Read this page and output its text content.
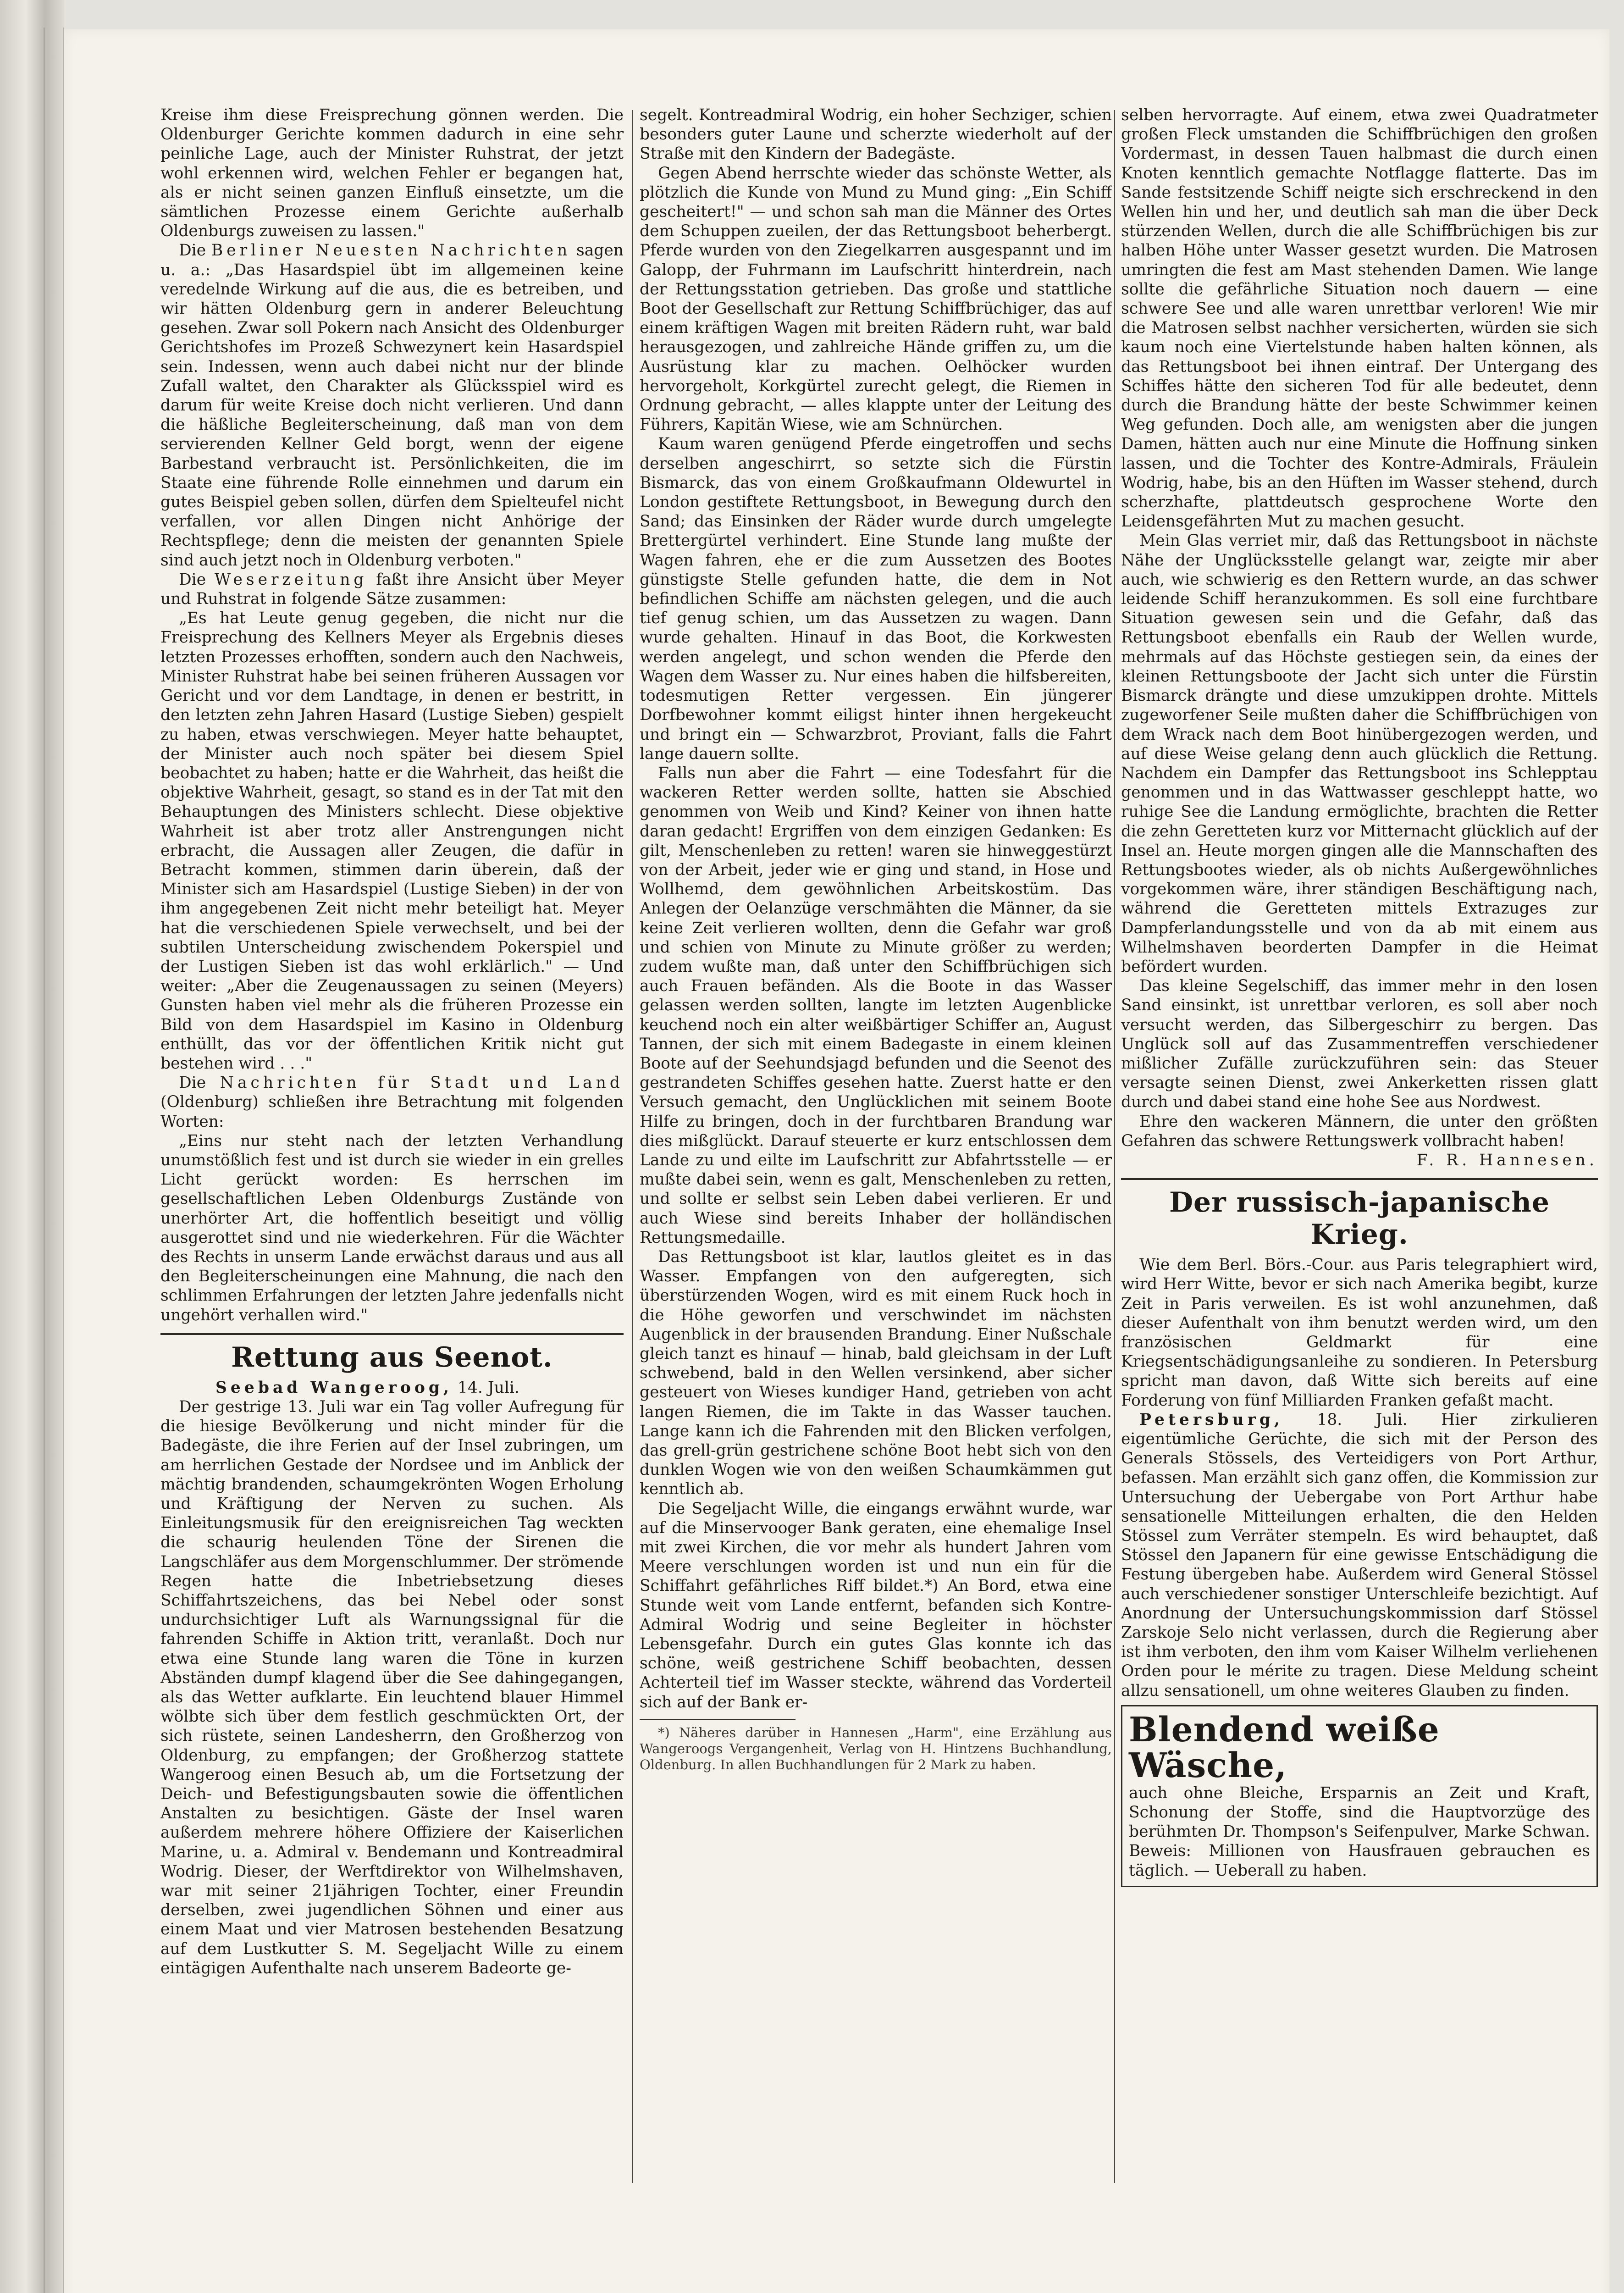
Kreise ihm diese Freisprechung gönnen werden. Die Oldenburger Gerichte kommen dadurch in eine sehr peinliche Lage, auch der Minister Ruhstrat, der jetzt wohl erkennen wird, welchen Fehler er begangen hat, als er nicht seinen ganzen Einfluß einsetzte, um die sämtlichen Prozesse einem Gerichte außerhalb Oldenburgs zuweisen zu lassen."

Die Berliner Neuesten Nachrichten sagen u. a.: „Das Hasardspiel übt im allgemeinen keine veredelnde Wirkung auf die aus, die es betreiben, und wir hätten Oldenburg gern in anderer Beleuchtung gesehen. Zwar soll Pokern nach Ansicht des Oldenburger Gerichtshofes im Prozeß Schwezynert kein Hasardspiel sein. Indessen, wenn auch dabei nicht nur der blinde Zufall waltet, den Charakter als Glücksspiel wird es darum für weite Kreise doch nicht verlieren. Und dann die häßliche Begleiterscheinung, daß man von dem servierenden Kellner Geld borgt, wenn der eigene Barbestand verbraucht ist. Persönlichkeiten, die im Staate eine führende Rolle einnehmen und darum ein gutes Beispiel geben sollen, dürfen dem Spielteufel nicht verfallen, vor allen Dingen nicht Anhörige der Rechtspflege; denn die meisten der genannten Spiele sind auch jetzt noch in Oldenburg verboten."

Die Weserzeitung faßt ihre Ansicht über Meyer und Ruhstrat in folgende Sätze zusammen:

„Es hat Leute genug gegeben, die nicht nur die Freisprechung des Kellners Meyer als Ergebnis dieses letzten Prozesses erhofften, sondern auch den Nachweis, Minister Ruhstrat habe bei seinen früheren Aussagen vor Gericht und vor dem Landtage, in denen er bestritt, in den letzten zehn Jahren Hasard (Lustige Sieben) gespielt zu haben, etwas verschwiegen. Meyer hatte behauptet, der Minister auch noch später bei diesem Spiel beobachtet zu haben; hatte er die Wahrheit, das heißt die objektive Wahrheit, gesagt, so stand es in der Tat mit den Behauptungen des Ministers schlecht. Diese objektive Wahrheit ist aber trotz aller Anstrengungen nicht erbracht, die Aussagen aller Zeugen, die dafür in Betracht kommen, stimmen darin überein, daß der Minister sich am Hasardspiel (Lustige Sieben) in der von ihm angegebenen Zeit nicht mehr beteiligt hat. Meyer hat die verschiedenen Spiele verwechselt, und bei der subtilen Unterscheidung zwischendem Pokerspiel und der Lustigen Sieben ist das wohl erklärlich." — Und weiter: „Aber die Zeugenaussagen zu seinen (Meyers) Gunsten haben viel mehr als die früheren Prozesse ein Bild von dem Hasardspiel im Kasino in Oldenburg enthüllt, das vor der öffentlichen Kritik nicht gut bestehen wird . . ."

Die Nachrichten für Stadt und Land (Oldenburg) schließen ihre Betrachtung mit folgenden Worten:

„Eins nur steht nach der letzten Verhandlung unumstößlich fest und ist durch sie wieder in ein grelles Licht gerückt worden: Es herrschen im gesellschaftlichen Leben Oldenburgs Zustände von unerhörter Art, die hoffentlich beseitigt und völlig ausgerottet sind und nie wiederkehren. Für die Wächter des Rechts in unserm Lande erwächst daraus und aus all den Begleiterscheinungen eine Mahnung, die nach den schlimmen Erfahrungen der letzten Jahre jedenfalls nicht ungehört verhallen wird."

Rettung aus Seenot.

Seebad Wangeroog, 14. Juli.

Der gestrige 13. Juli war ein Tag voller Aufregung für die hiesige Bevölkerung und nicht minder für die Badegäste, die ihre Ferien auf der Insel zubringen, um am herrlichen Gestade der Nordsee und im Anblick der mächtig brandenden, schaumgekrönten Wogen Erholung und Kräftigung der Nerven zu suchen. Als Einleitungsmusik für den ereignisreichen Tag weckten die schaurig heulenden Töne der Sirenen die Langschläfer aus dem Morgenschlummer. Der strömende Regen hatte die Inbetriebsetzung dieses Schiffahrtszeichens, das bei Nebel oder sonst undurchsichtiger Luft als Warnungssignal für die fahrenden Schiffe in Aktion tritt, veranlaßt. Doch nur etwa eine Stunde lang waren die Töne in kurzen Abständen dumpf klagend über die See dahingegangen, als das Wetter aufklarte. Ein leuchtend blauer Himmel wölbte sich über dem festlich geschmückten Ort, der sich rüstete, seinen Landesherrn, den Großherzog von Oldenburg, zu empfangen; der Großherzog stattete Wangeroog einen Besuch ab, um die Fortsetzung der Deich- und Befestigungsbauten sowie die öffentlichen Anstalten zu besichtigen. Gäste der Insel waren außerdem mehrere höhere Offiziere der Kaiserlichen Marine, u. a. Admiral v. Bendemann und Kontreadmiral Wodrig. Dieser, der Werftdirektor von Wilhelmshaven, war mit seiner 21jährigen Tochter, einer Freundin derselben, zwei jugendlichen Söhnen und einer aus einem Maat und vier Matrosen bestehenden Besatzung auf dem Lustkutter S. M. Segeljacht Wille zu einem eintägigen Aufenthalte nach unserem Badeorte ge-

segelt. Kontreadmiral Wodrig, ein hoher Sechziger, schien besonders guter Laune und scherzte wiederholt auf der Straße mit den Kindern der Badegäste.

Gegen Abend herrschte wieder das schönste Wetter, als plötzlich die Kunde von Mund zu Mund ging: „Ein Schiff gescheitert!" — und schon sah man die Männer des Ortes dem Schuppen zueilen, der das Rettungsboot beherbergt. Pferde wurden von den Ziegelkarren ausgespannt und im Galopp, der Fuhrmann im Laufschritt hinterdrein, nach der Rettungsstation getrieben. Das große und stattliche Boot der Gesellschaft zur Rettung Schiffbrüchiger, das auf einem kräftigen Wagen mit breiten Rädern ruht, war bald herausgezogen, und zahlreiche Hände griffen zu, um die Ausrüstung klar zu machen. Oelhöcker wurden hervorgeholt, Korkgürtel zurecht gelegt, die Riemen in Ordnung gebracht, — alles klappte unter der Leitung des Führers, Kapitän Wiese, wie am Schnürchen.

Kaum waren genügend Pferde eingetroffen und sechs derselben angeschirrt, so setzte sich die Fürstin Bismarck, das von einem Großkaufmann Oldewurtel in London gestiftete Rettungsboot, in Bewegung durch den Sand; das Einsinken der Räder wurde durch umgelegte Brettergürtel verhindert. Eine Stunde lang mußte der Wagen fahren, ehe er die zum Aussetzen des Bootes günstigste Stelle gefunden hatte, die dem in Not befindlichen Schiffe am nächsten gelegen, und die auch tief genug schien, um das Aussetzen zu wagen. Dann wurde gehalten. Hinauf in das Boot, die Korkwesten werden angelegt, und schon wenden die Pferde den Wagen dem Wasser zu. Nur eines haben die hilfsbereiten, todesmutigen Retter vergessen. Ein jüngerer Dorfbewohner kommt eiligst hinter ihnen hergekeucht und bringt ein — Schwarzbrot, Proviant, falls die Fahrt lange dauern sollte.

Falls nun aber die Fahrt — eine Todesfahrt für die wackeren Retter werden sollte, hatten sie Abschied genommen von Weib und Kind? Keiner von ihnen hatte daran gedacht! Ergriffen von dem einzigen Gedanken: Es gilt, Menschenleben zu retten! waren sie hinweggestürzt von der Arbeit, jeder wie er ging und stand, in Hose und Wollhemd, dem gewöhnlichen Arbeitskostüm. Das Anlegen der Oelanzüge verschmähten die Männer, da sie keine Zeit verlieren wollten, denn die Gefahr war groß und schien von Minute zu Minute größer zu werden; zudem wußte man, daß unter den Schiffbrüchigen sich auch Frauen befänden. Als die Boote in das Wasser gelassen werden sollten, langte im letzten Augenblicke keuchend noch ein alter weißbärtiger Schiffer an, August Tannen, der sich mit einem Badegaste in einem kleinen Boote auf der Seehundsjagd befunden und die Seenot des gestrandeten Schiffes gesehen hatte. Zuerst hatte er den Versuch gemacht, den Unglücklichen mit seinem Boote Hilfe zu bringen, doch in der furchtbaren Brandung war dies mißglückt. Darauf steuerte er kurz entschlossen dem Lande zu und eilte im Laufschritt zur Abfahrtsstelle — er mußte dabei sein, wenn es galt, Menschenleben zu retten, und sollte er selbst sein Leben dabei verlieren. Er und auch Wiese sind bereits Inhaber der holländischen Rettungsmedaille.

Das Rettungsboot ist klar, lautlos gleitet es in das Wasser. Empfangen von den aufgeregten, sich überstürzenden Wogen, wird es mit einem Ruck hoch in die Höhe geworfen und verschwindet im nächsten Augenblick in der brausenden Brandung. Einer Nußschale gleich tanzt es hinauf — hinab, bald gleichsam in der Luft schwebend, bald in den Wellen versinkend, aber sicher gesteuert von Wieses kundiger Hand, getrieben von acht langen Riemen, die im Takte in das Wasser tauchen. Lange kann ich die Fahrenden mit den Blicken verfolgen, das grell-grün gestrichene schöne Boot hebt sich von den dunklen Wogen wie von den weißen Schaumkämmen gut kenntlich ab.

Die Segeljacht Wille, die eingangs erwähnt wurde, war auf die Minservooger Bank geraten, eine ehemalige Insel mit zwei Kirchen, die vor mehr als hundert Jahren vom Meere verschlungen worden ist und nun ein für die Schiffahrt gefährliches Riff bildet.*) An Bord, etwa eine Stunde weit vom Lande entfernt, befanden sich Kontre-Admiral Wodrig und seine Begleiter in höchster Lebensgefahr. Durch ein gutes Glas konnte ich das schöne, weiß gestrichene Schiff beobachten, dessen Achterteil tief im Wasser steckte, während das Vorderteil sich auf der Bank er-

*) Näheres darüber in Hannesen „Harm", eine Erzählung aus Wangeroogs Vergangenheit, Verlag von H. Hintzens Buchhandlung, Oldenburg. In allen Buchhandlungen für 2 Mark zu haben.

selben hervorragte. Auf einem, etwa zwei Quadratmeter großen Fleck umstanden die Schiffbrüchigen den großen Vordermast, in dessen Tauen halbmast die durch einen Knoten kenntlich gemachte Notflagge flatterte. Das im Sande festsitzende Schiff neigte sich erschreckend in den Wellen hin und her, und deutlich sah man die über Deck stürzenden Wellen, durch die alle Schiffbrüchigen bis zur halben Höhe unter Wasser gesetzt wurden. Die Matrosen umringten die fest am Mast stehenden Damen. Wie lange sollte die gefährliche Situation noch dauern — eine schwere See und alle waren unrettbar verloren! Wie mir die Matrosen selbst nachher versicherten, würden sie sich kaum noch eine Viertelstunde haben halten können, als das Rettungsboot bei ihnen eintraf. Der Untergang des Schiffes hätte den sicheren Tod für alle bedeutet, denn durch die Brandung hätte der beste Schwimmer keinen Weg gefunden. Doch alle, am wenigsten aber die jungen Damen, hätten auch nur eine Minute die Hoffnung sinken lassen, und die Tochter des Kontre-Admirals, Fräulein Wodrig, habe, bis an den Hüften im Wasser stehend, durch scherzhafte, plattdeutsch gesprochene Worte den Leidensgefährten Mut zu machen gesucht.

Mein Glas verriet mir, daß das Rettungsboot in nächste Nähe der Unglücksstelle gelangt war, zeigte mir aber auch, wie schwierig es den Rettern wurde, an das schwer leidende Schiff heranzukommen. Es soll eine furchtbare Situation gewesen sein und die Gefahr, daß das Rettungsboot ebenfalls ein Raub der Wellen wurde, mehrmals auf das Höchste gestiegen sein, da eines der kleinen Rettungsboote der Jacht sich unter die Fürstin Bismarck drängte und diese umzukippen drohte. Mittels zugeworfener Seile mußten daher die Schiffbrüchigen von dem Wrack nach dem Boot hinübergezogen werden, und auf diese Weise gelang denn auch glücklich die Rettung. Nachdem ein Dampfer das Rettungsboot ins Schlepptau genommen und in das Wattwasser geschleppt hatte, wo ruhige See die Landung ermöglichte, brachten die Retter die zehn Geretteten kurz vor Mitternacht glücklich auf der Insel an. Heute morgen gingen alle die Mannschaften des Rettungsbootes wieder, als ob nichts Außergewöhnliches vorgekommen wäre, ihrer ständigen Beschäftigung nach, während die Geretteten mittels Extrazuges zur Dampferlandungsstelle und von da ab mit einem aus Wilhelmshaven beorderten Dampfer in die Heimat befördert wurden.

Das kleine Segelschiff, das immer mehr in den losen Sand einsinkt, ist unrettbar verloren, es soll aber noch versucht werden, das Silbergeschirr zu bergen. Das Unglück soll auf das Zusammentreffen verschiedener mißlicher Zufälle zurückzuführen sein: das Steuer versagte seinen Dienst, zwei Ankerketten rissen glatt durch und dabei stand eine hohe See aus Nordwest.

Ehre den wackeren Männern, die unter den größten Gefahren das schwere Rettungswerk vollbracht haben!

F. R. Hannesen.

Der russisch-japanische Krieg.

Wie dem Berl. Börs.-Cour. aus Paris telegraphiert wird, wird Herr Witte, bevor er sich nach Amerika begibt, kurze Zeit in Paris verweilen. Es ist wohl anzunehmen, daß dieser Aufenthalt von ihm benutzt werden wird, um den französischen Geldmarkt für eine Kriegsentschädigungsanleihe zu sondieren. In Petersburg spricht man davon, daß Witte sich bereits auf eine Forderung von fünf Milliarden Franken gefaßt macht.

Petersburg, 18. Juli. Hier zirkulieren eigentümliche Gerüchte, die sich mit der Person des Generals Stössels, des Verteidigers von Port Arthur, befassen. Man erzählt sich ganz offen, die Kommission zur Untersuchung der Uebergabe von Port Arthur habe sensationelle Mitteilungen erhalten, die den Helden Stössel zum Verräter stempeln. Es wird behauptet, daß Stössel den Japanern für eine gewisse Entschädigung die Festung übergeben habe. Außerdem wird General Stössel auch verschiedener sonstiger Unterschleife bezichtigt. Auf Anordnung der Untersuchungskommission darf Stössel Zarskoje Selo nicht verlassen, durch die Regierung aber ist ihm verboten, den ihm vom Kaiser Wilhelm verliehenen Orden pour le mérite zu tragen. Diese Meldung scheint allzu sensationell, um ohne weiteres Glauben zu finden.

Blendend weiße Wäsche,

auch ohne Bleiche, Ersparnis an Zeit und Kraft, Schonung der Stoffe, sind die Hauptvorzüge des berühmten Dr. Thompson's Seifenpulver, Marke Schwan. Beweis: Millionen von Hausfrauen gebrauchen es täglich. — Ueberall zu haben.
